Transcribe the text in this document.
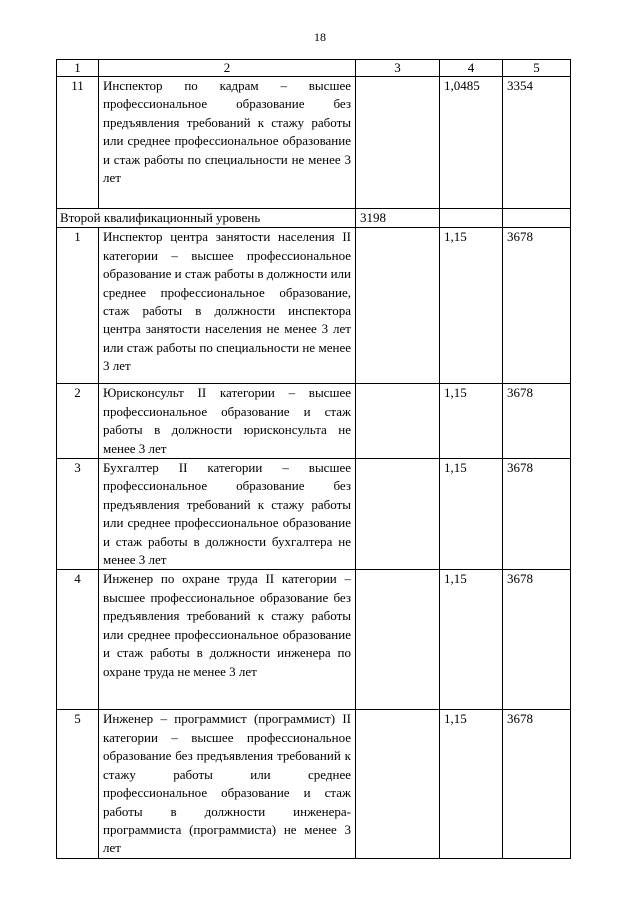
18
1	2	3	4	5
11	Инспектор по кадрам – высшее профессиональное образование без предъявления требований к стажу работы или среднее профессиональное образование и стаж работы по специальности не менее 3 лет		1,0485	3354
Второй квалификационный уровень		3198		
1	Инспектор центра занятости населения II категории – высшее профессиональное образование и стаж работы в должности или среднее профессиональное образование, стаж работы в должности инспектора центра занятости населения не менее 3 лет или стаж работы по специальности не менее 3 лет		1,15	3678
2	Юрисконсульт II категории – высшее профессиональное образование и стаж работы в должности юрисконсульта не менее 3 лет		1,15	3678
3	Бухгалтер II категории – высшее профессиональное образование без предъявления требований к стажу работы или среднее профессиональное образование и стаж работы в должности бухгалтера не менее 3 лет		1,15	3678
4	Инженер по охране труда II категории – высшее профессиональное образование без предъявления требований к стажу работы или среднее профессиональное образование и стаж работы в должности инженера по охране труда не менее 3 лет		1,15	3678
5	Инженер – программист (программист) II категории – высшее профессиональное образование без предъявления требований к стажу работы или среднее профессиональное образование и стаж работы в должности инженера-программиста (программиста) не менее 3 лет		1,15	3678
